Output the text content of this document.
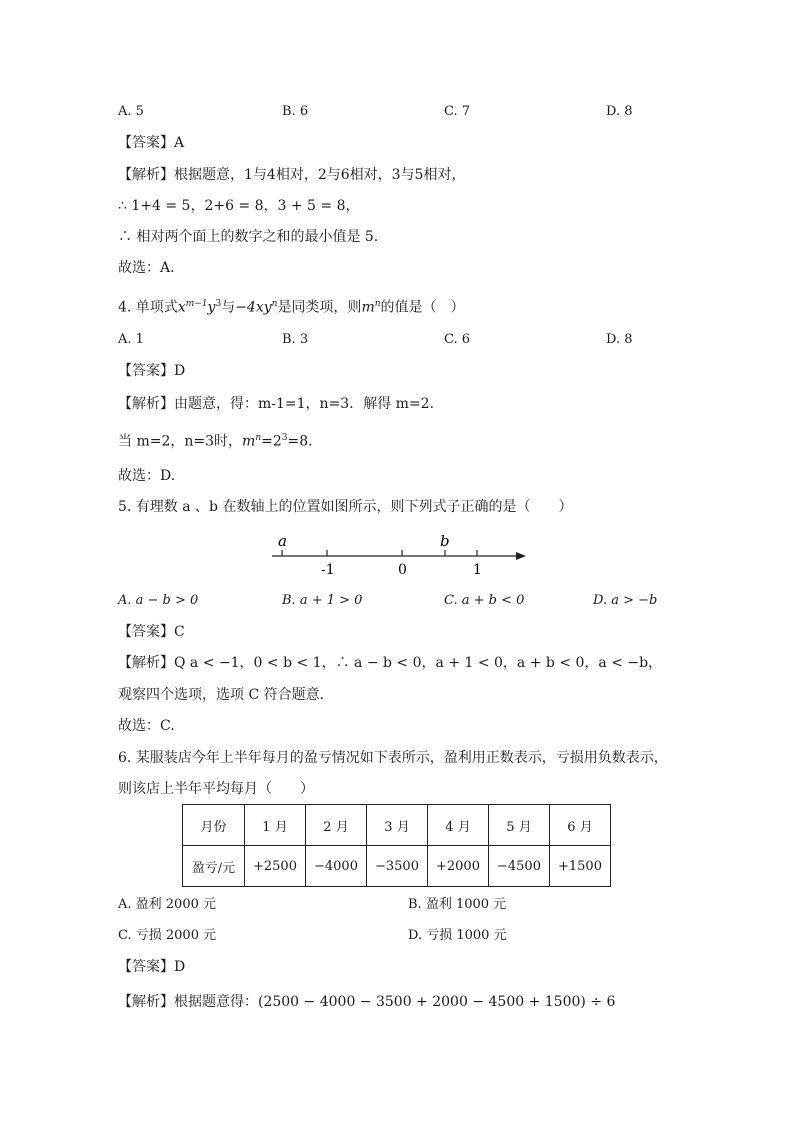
A. 5	B. 6	C. 7	D. 8
【答案】A
【解析】根据题意，1与4相对，2与6相对，3与5相对，
∴ 1+4 = 5，2+6 = 8，3 + 5 = 8，
∴ 相对两个面上的数字之和的最小值是 5.
故选：A.
4. 单项式$x^{m-1}y^3$与$-4xy^n$是同类项，则$m^n$的值是（　）
A. 1	B. 3	C. 6	D. 8
【答案】D
【解析】由题意，得：m-1=1，n=3．解得 m=2.
当 m=2，n=3时，$m^n=2^3=8$.
故选：D.
5. 有理数 a 、b 在数轴上的位置如图所示，则下列式子正确的是（　　）
a	b
-1	0	1
A. a − b > 0	B. a + 1 > 0	C. a + b < 0	D. a > −b
【答案】C
【解析】Q a < −1，0 < b < 1，∴ a − b < 0，a + 1 < 0，a + b < 0，a < −b，
观察四个选项，选项 C 符合题意．
故选：C.
6. 某服装店今年上半年每月的盈亏情况如下表所示，盈利用正数表示，亏损用负数表示，
则该店上半年平均每月（　　）
月份	1 月	2 月	3 月	4 月	5 月	6 月
盈亏/元	+2500	−4000	−3500	+2000	−4500	+1500
A. 盈利 2000 元	B. 盈利 1000 元
C. 亏损 2000 元	D. 亏损 1000 元
【答案】D
【解析】根据题意得：(2500 − 4000 − 3500 + 2000 − 4500 + 1500) ÷ 6
